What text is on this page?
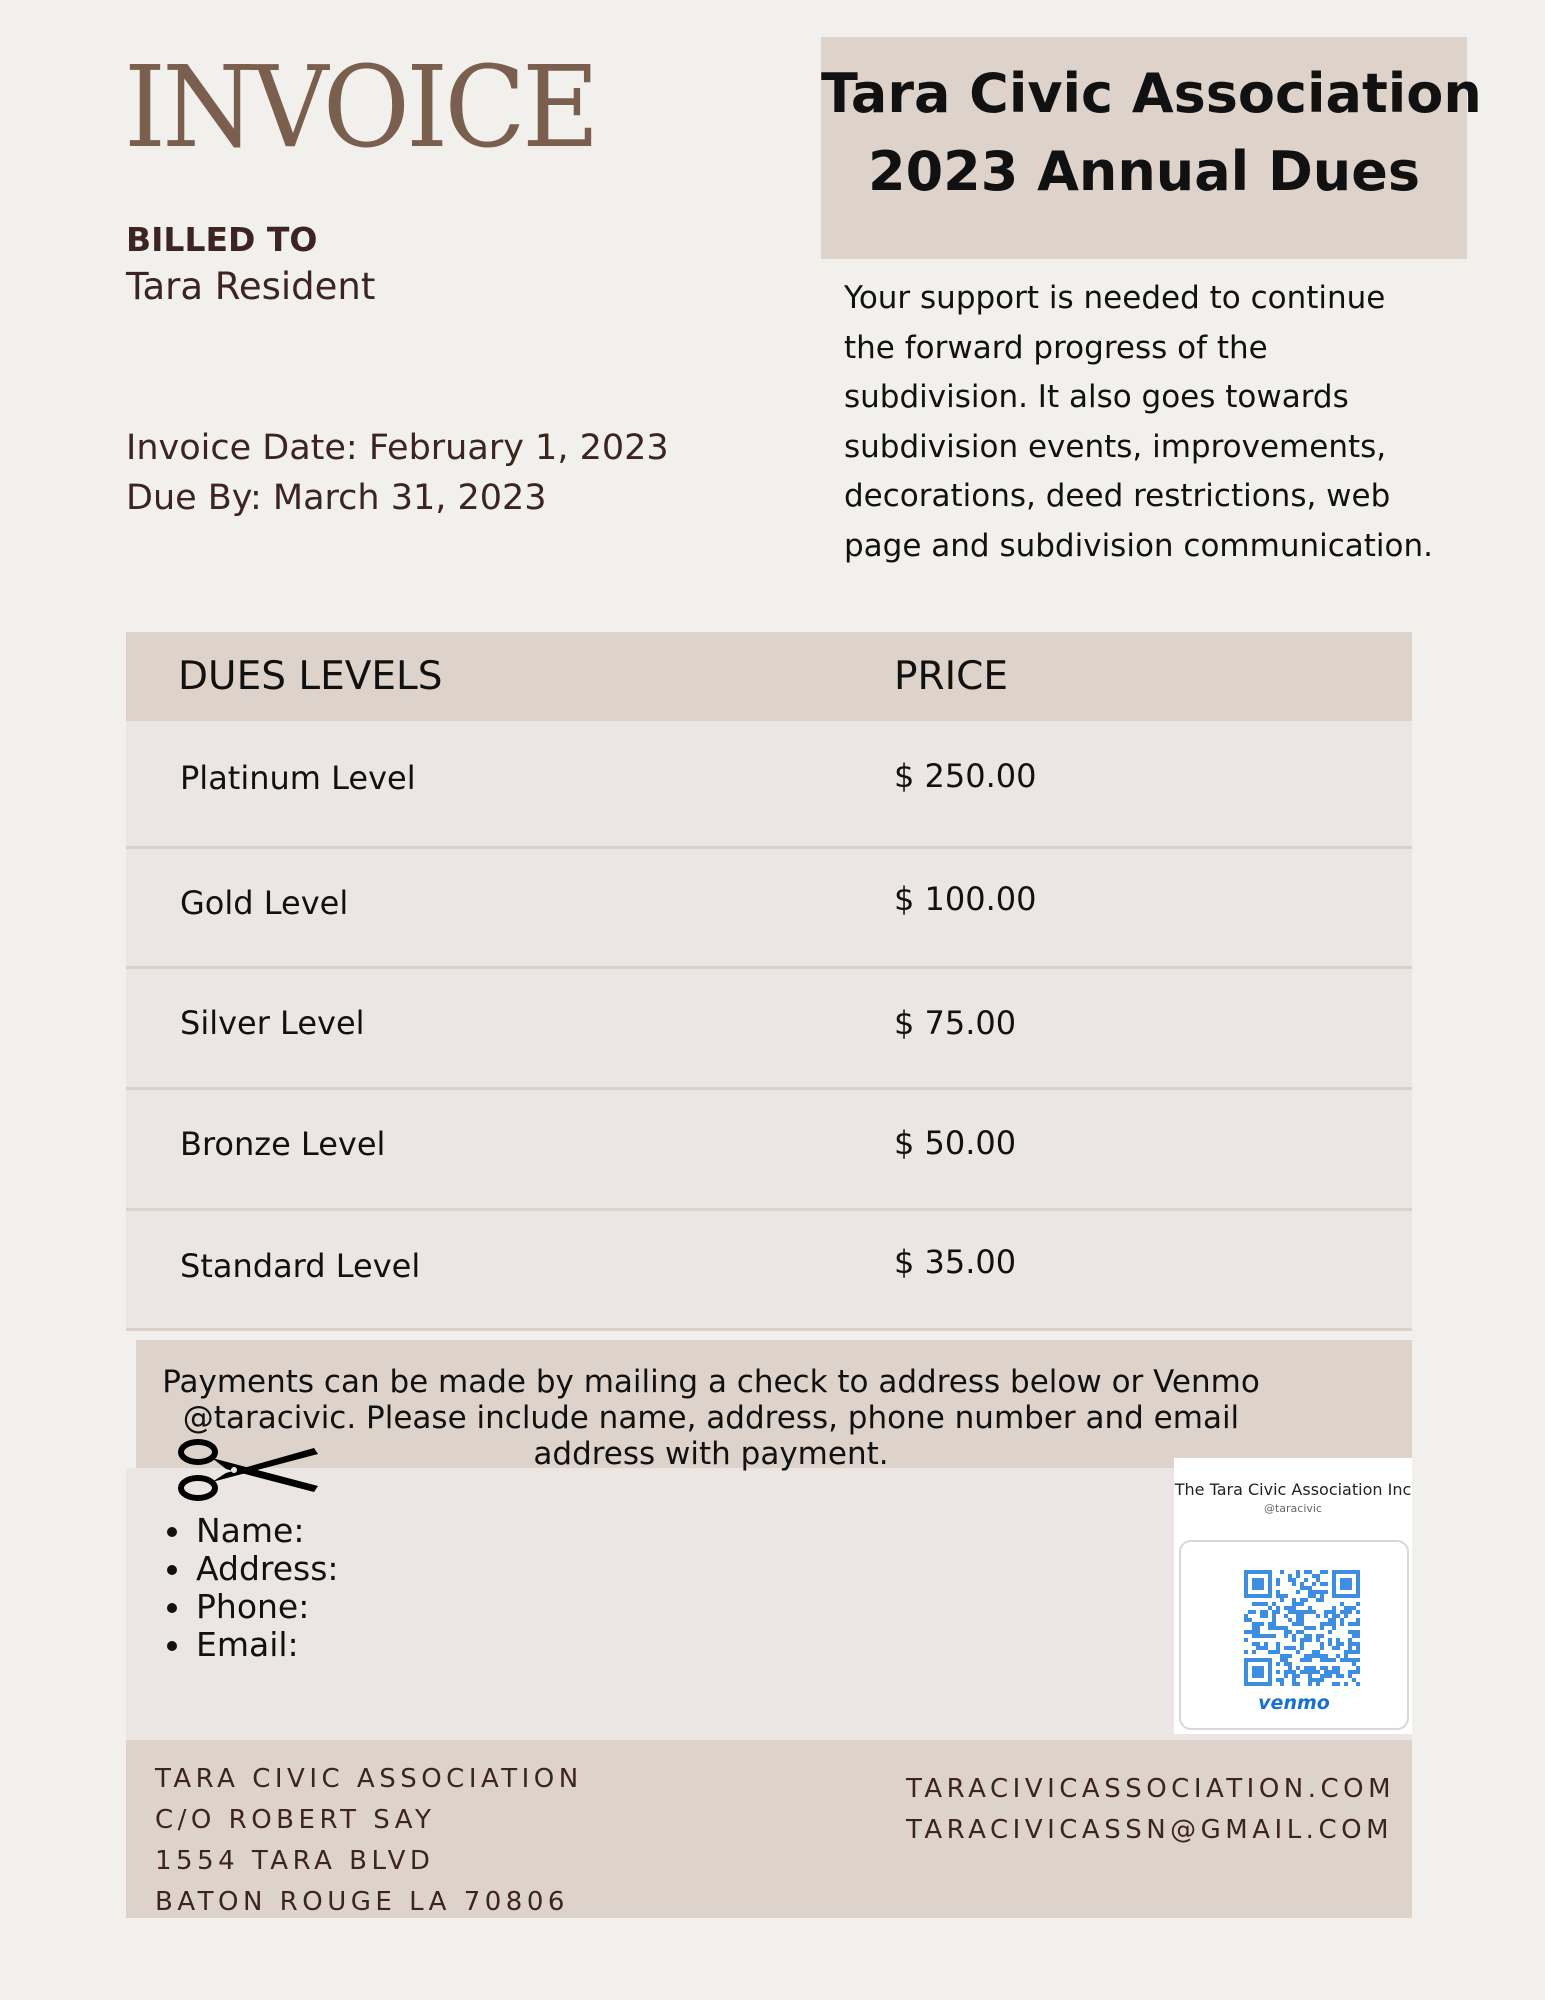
INVOICE	Tara Civic Association
2023 Annual Dues
BILLED TO
Tara Resident
Invoice Date: February 1, 2023
Due By: March 31, 2023
Your support is needed to continue the forward progress of the subdivision. It also goes towards subdivision events, improvements, decorations, deed restrictions, web page and subdivision communication.
DUES LEVELS	PRICE
Platinum Level	$ 250.00
Gold Level	$ 100.00
Silver Level	$ 75.00
Bronze Level	$ 50.00
Standard Level	$ 35.00
Payments can be made by mailing a check to address below or Venmo
@taracivic. Please include name, address, phone number and email
address with payment.
Name:
Address:
Phone:
Email:
The Tara Civic Association Inc
@taracivic
venmo
TARA CIVIC ASSOCIATION
C/O ROBERT SAY
1554 TARA BLVD
BATON ROUGE LA 70806
TARACIVICASSOCIATION.COM
TARACIVICASSN@GMAIL.COM
